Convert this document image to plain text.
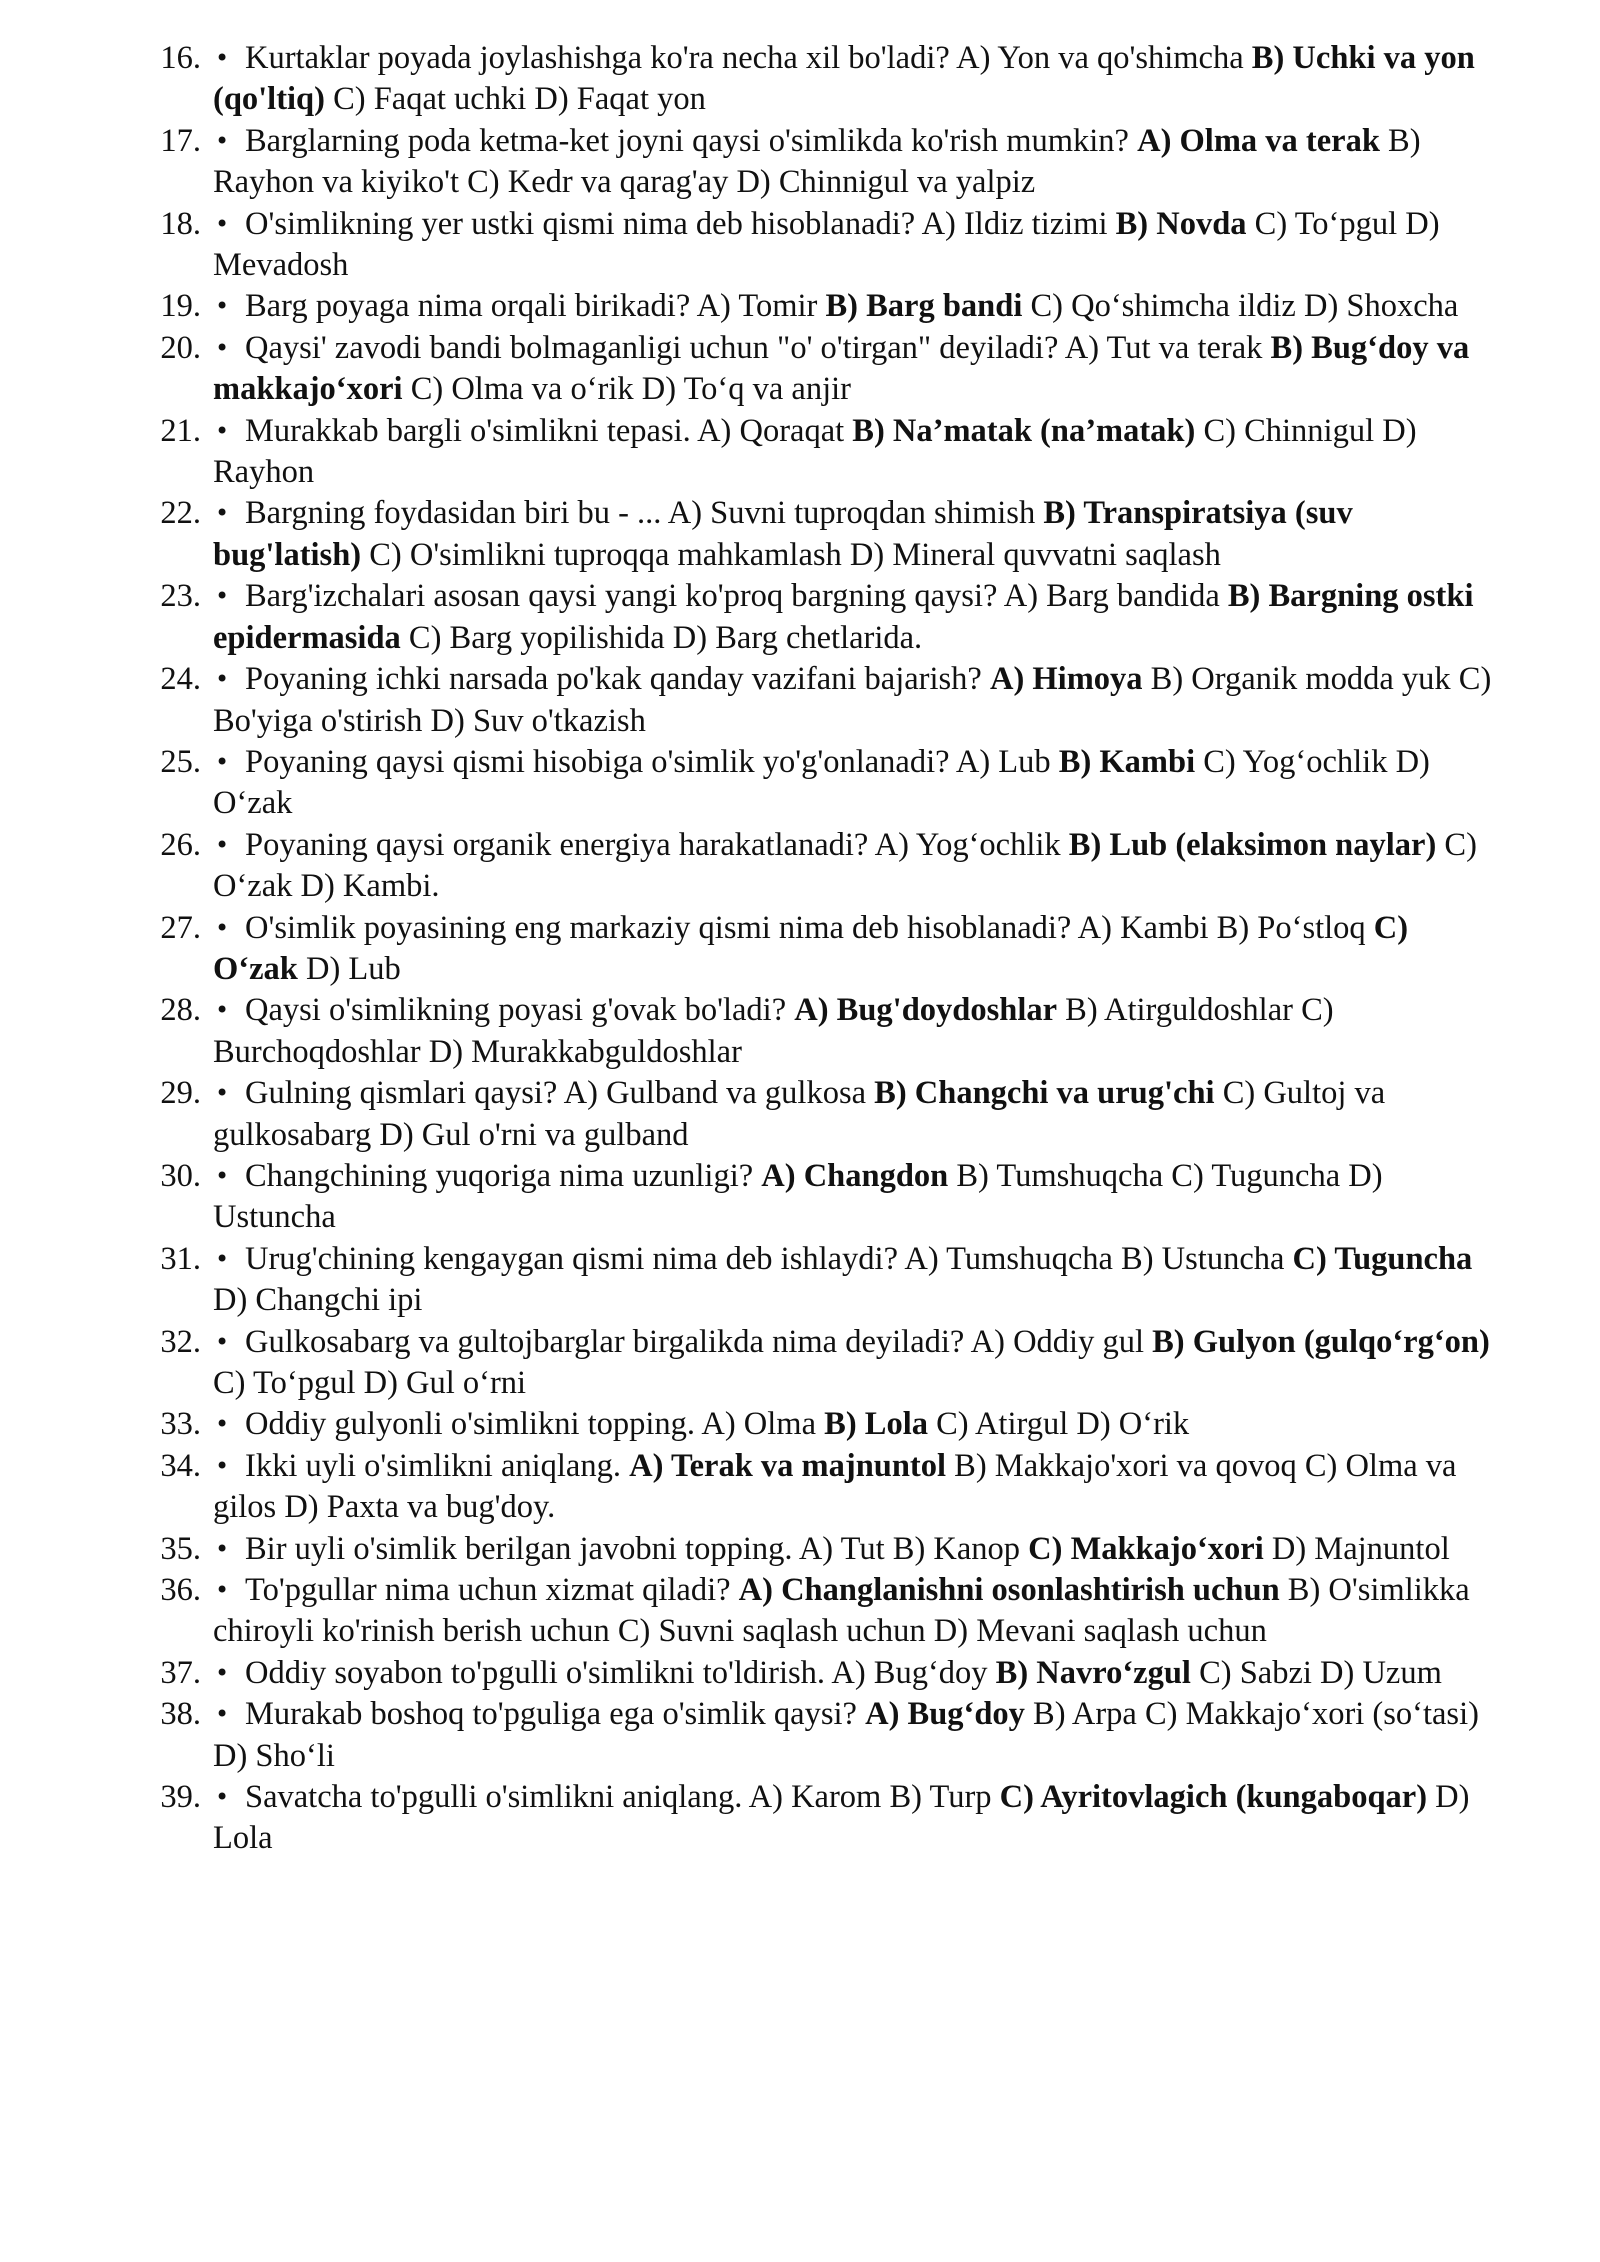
16 . • Kurtaklar poyada joylashishga ko'ra necha xil bo'ladi? A) Yon va qo'shimcha B) Uchki va yon (qo'ltiq) C) Faqat uchki D) Faqat yon
17 . • Barglarning poda ketma-ket joyni qaysi o'simlikda ko'rish mumkin? A) Olma va terak B) Rayhon va kiyiko't C) Kedr va qarag'ay D) Chinnigul va yalpiz
18 . • O'simlikning yer ustki qismi nima deb hisoblanadi? A) Ildiz tizimi B) Novda C) To‘pgul D) Mevadosh
19 . • Barg poyaga nima orqali birikadi? A) Tomir B) Barg bandi C) Qo‘shimcha ildiz D) Shoxcha
20 . • Qaysi' zavodi bandi bolmaganligi uchun "o' o'tirgan" deyiladi? A) Tut va terak B) Bug‘doy va makkajo‘xori C) Olma va o‘rik D) To‘q va anjir
21 . • Murakkab bargli o'simlikni tepasi. A) Qoraqat B) Na’matak (na’matak) C) Chinnigul D) Rayhon
22 . • Bargning foydasidan biri bu - ... A) Suvni tuproqdan shimish B) Transpiratsiya (suv bug'latish) C) O'simlikni tuproqqa mahkamlash D) Mineral quvvatni saqlash
23 . • Barg'izchalari asosan qaysi yangi ko'proq bargning qaysi? A) Barg bandida B) Bargning ostki epidermasida C) Barg yopilishida D) Barg chetlarida.
24 . • Poyaning ichki narsada po'kak qanday vazifani bajarish? A) Himoya B) Organik modda yuk C) Bo'yiga o'stirish D) Suv o'tkazish
25 . • Poyaning qaysi qismi hisobiga o'simlik yo'g'onlanadi? A) Lub B) Kambi C) Yog‘ochlik D) O‘zak
26 . • Poyaning qaysi organik energiya harakatlanadi? A) Yog‘ochlik B) Lub (elaksimon naylar) C) O‘zak D) Kambi.
27 . • O'simlik poyasining eng markaziy qismi nima deb hisoblanadi? A) Kambi B) Po‘stloq C) O‘zak D) Lub
28 . • Qaysi o'simlikning poyasi g'ovak bo'ladi? A) Bug'doydoshlar B) Atirguldoshlar C) Burchoqdoshlar D) Murakkabguldoshlar
29 . • Gulning qismlari qaysi? A) Gulband va gulkosa B) Changchi va urug'chi C) Gultoj va gulkosabarg D) Gul o'rni va gulband
30 . • Changchining yuqoriga nima uzunligi? A) Changdon B) Tumshuqcha C) Tuguncha D) Ustuncha
31 . • Urug'chining kengaygan qismi nima deb ishlaydi? A) Tumshuqcha B) Ustuncha C) Tuguncha D) Changchi ipi
32 . • Gulkosabarg va gultojbarglar birgalikda nima deyiladi? A) Oddiy gul B) Gulyon (gulqo‘rg‘on) C) To‘pgul D) Gul o‘rni
33 . • Oddiy gulyonli o'simlikni topping. A) Olma B) Lola C) Atirgul D) O‘rik
34 . • Ikki uyli o'simlikni aniqlang. A) Terak va majnuntol B) Makkajo'xori va qovoq C) Olma va gilos D) Paxta va bug'doy.
35 . • Bir uyli o'simlik berilgan javobni topping. A) Tut B) Kanop C) Makkajo‘xori D) Majnuntol
36 . • To'pgullar nima uchun xizmat qiladi? A) Changlanishni osonlashtirish uchun B) O'simlikka chiroyli ko'rinish berish uchun C) Suvni saqlash uchun D) Mevani saqlash uchun
37 . • Oddiy soyabon to'pgulli o'simlikni to'ldirish. A) Bug‘doy B) Navro‘zgul C) Sabzi D) Uzum
38 . • Murakab boshoq to'pguliga ega o'simlik qaysi? A) Bug‘doy B) Arpa C) Makkajo‘xori (so‘tasi) D) Sho‘li
39 . • Savatcha to'pgulli o'simlikni aniqlang. A) Karom B) Turp C) Ayritovlagich (kungaboqar) D) Lola
